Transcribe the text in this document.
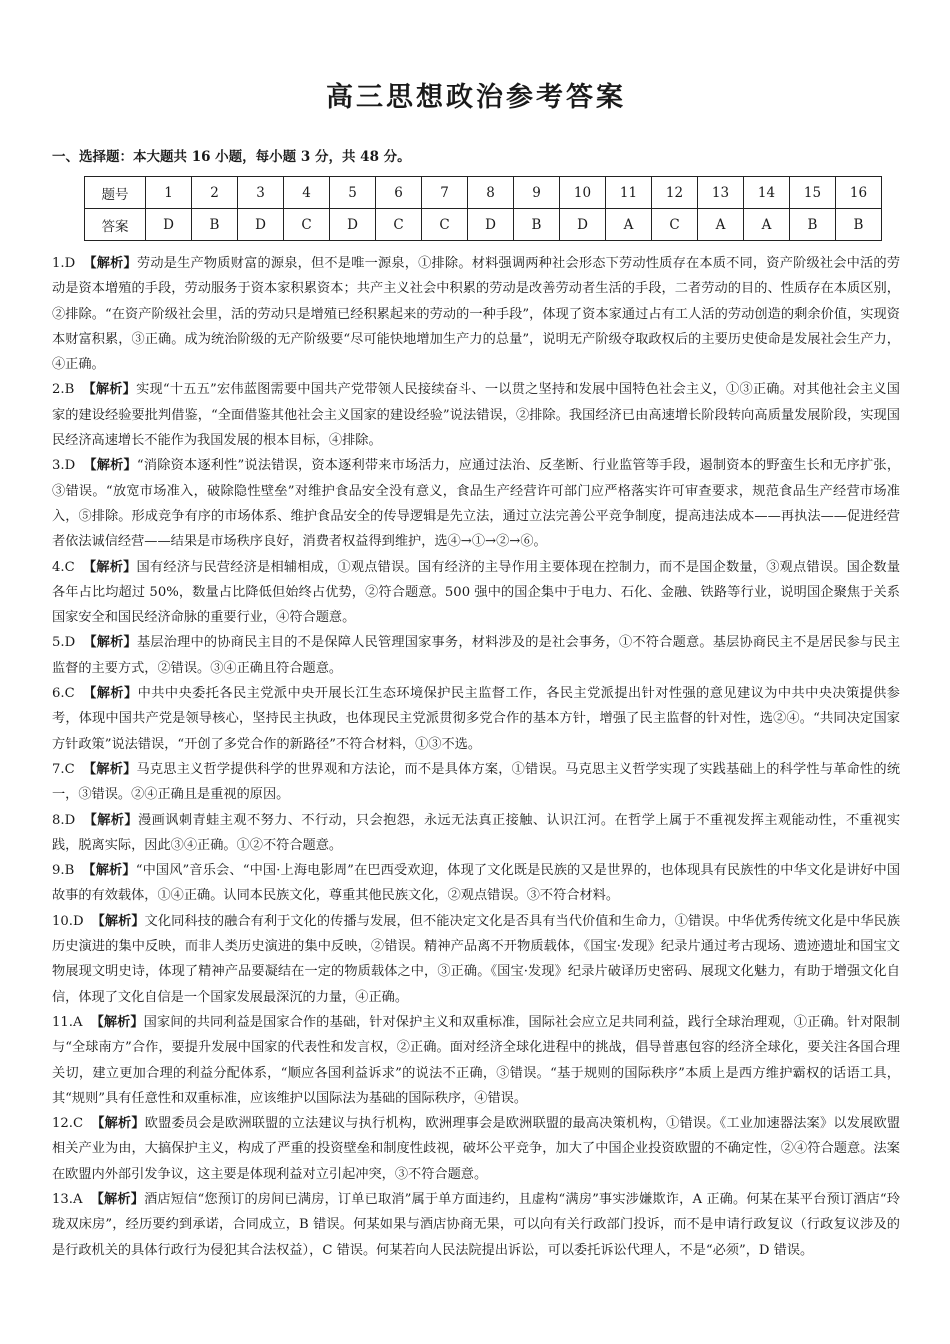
高三思想政治参考答案
一、选择题：本大题共 16 小题，每小题 3 分，共 48 分。
题号	1	2	3	4	5	6	7	8	9	10	11	12	13	14	15	16
答案	D	B	D	C	D	C	C	D	B	D	A	C	A	A	B	B

1.D 【解析】劳动是生产物质财富的源泉，但不是唯一源泉，①排除。材料强调两种社会形态下劳动性质存在本质不同，资产阶级社会中活的劳动是资本增殖的手段，劳动服务于资本家积累资本；共产主义社会中积累的劳动是改善劳动者生活的手段，二者劳动的目的、性质存在本质区别，②排除。“在资产阶级社会里，活的劳动只是增殖已经积累起来的劳动的一种手段”，体现了资本家通过占有工人活的劳动创造的剩余价值，实现资本财富积累，③正确。成为统治阶级的无产阶级要“尽可能快地增加生产力的总量”，说明无产阶级夺取政权后的主要历史使命是发展社会生产力，④正确。

2.B 【解析】实现“十五五”宏伟蓝图需要中国共产党带领人民接续奋斗、一以贯之坚持和发展中国特色社会主义，①③正确。对其他社会主义国家的建设经验要批判借鉴，“全面借鉴其他社会主义国家的建设经验”说法错误，②排除。我国经济已由高速增长阶段转向高质量发展阶段，实现国民经济高速增长不能作为我国发展的根本目标，④排除。

3.D 【解析】“消除资本逐利性”说法错误，资本逐利带来市场活力，应通过法治、反垄断、行业监管等手段，遏制资本的野蛮生长和无序扩张，③错误。“放宽市场准入，破除隐性壁垒”对维护食品安全没有意义，食品生产经营许可部门应严格落实许可审查要求，规范食品生产经营市场准入，⑤排除。形成竞争有序的市场体系、维护食品安全的传导逻辑是先立法，通过立法完善公平竞争制度，提高违法成本——再执法——促进经营者依法诚信经营——结果是市场秩序良好，消费者权益得到维护，选④→①→②→⑥。

4.C 【解析】国有经济与民营经济是相辅相成，①观点错误。国有经济的主导作用主要体现在控制力，而不是国企数量，③观点错误。国企数量各年占比均超过 50%，数量占比降低但始终占优势，②符合题意。500 强中的国企集中于电力、石化、金融、铁路等行业，说明国企聚焦于关系国家安全和国民经济命脉的重要行业，④符合题意。

5.D 【解析】基层治理中的协商民主目的不是保障人民管理国家事务，材料涉及的是社会事务，①不符合题意。基层协商民主不是居民参与民主监督的主要方式，②错误。③④正确且符合题意。

6.C 【解析】中共中央委托各民主党派中央开展长江生态环境保护民主监督工作，各民主党派提出针对性强的意见建议为中共中央决策提供参考，体现中国共产党是领导核心，坚持民主执政，也体现民主党派贯彻多党合作的基本方针，增强了民主监督的针对性，选②④。“共同决定国家方针政策”说法错误，“开创了多党合作的新路径”不符合材料，①③不选。

7.C 【解析】马克思主义哲学提供科学的世界观和方法论，而不是具体方案，①错误。马克思主义哲学实现了实践基础上的科学性与革命性的统一，③错误。②④正确且是重视的原因。

8.D 【解析】漫画讽刺青蛙主观不努力、不行动，只会抱怨，永远无法真正接触、认识江河。在哲学上属于不重视发挥主观能动性，不重视实践，脱离实际，因此③④正确。①②不符合题意。

9.B 【解析】“中国风”音乐会、“中国·上海电影周”在巴西受欢迎，体现了文化既是民族的又是世界的，也体现具有民族性的中华文化是讲好中国故事的有效载体，①④正确。认同本民族文化，尊重其他民族文化，②观点错误。③不符合材料。

10.D 【解析】文化同科技的融合有利于文化的传播与发展，但不能决定文化是否具有当代价值和生命力，①错误。中华优秀传统文化是中华民族历史演进的集中反映，而非人类历史演进的集中反映，②错误。精神产品离不开物质载体，《国宝·发现》纪录片通过考古现场、遗迹遗址和国宝文物展现文明史诗，体现了精神产品要凝结在一定的物质载体之中，③正确。《国宝·发现》纪录片破译历史密码、展现文化魅力，有助于增强文化自信，体现了文化自信是一个国家发展最深沉的力量，④正确。

11.A 【解析】国家间的共同利益是国家合作的基础，针对保护主义和双重标准，国际社会应立足共同利益，践行全球治理观，①正确。针对限制与“全球南方”合作，要提升发展中国家的代表性和发言权，②正确。面对经济全球化进程中的挑战，倡导普惠包容的经济全球化，要关注各国合理关切，建立更加合理的利益分配体系，“顺应各国利益诉求”的说法不正确，③错误。“基于规则的国际秩序”本质上是西方维护霸权的话语工具，其“规则”具有任意性和双重标准，应该维护以国际法为基础的国际秩序，④错误。

12.C 【解析】欧盟委员会是欧洲联盟的立法建议与执行机构，欧洲理事会是欧洲联盟的最高决策机构，①错误。《工业加速器法案》以发展欧盟相关产业为由，大搞保护主义，构成了严重的投资壁垒和制度性歧视，破坏公平竞争，加大了中国企业投资欧盟的不确定性，②④符合题意。法案在欧盟内外部引发争议，这主要是体现利益对立引起冲突，③不符合题意。

13.A 【解析】酒店短信“您预订的房间已满房，订单已取消”属于单方面违约，且虚构“满房”事实涉嫌欺诈，A 正确。何某在某平台预订酒店“玲珑双床房”，经历要约到承诺，合同成立，B 错误。何某如果与酒店协商无果，可以向有关行政部门投诉，而不是申请行政复议（行政复议涉及的是行政机关的具体行政行为侵犯其合法权益），C 错误。何某若向人民法院提出诉讼，可以委托诉讼代理人，不是“必须”，D 错误。
